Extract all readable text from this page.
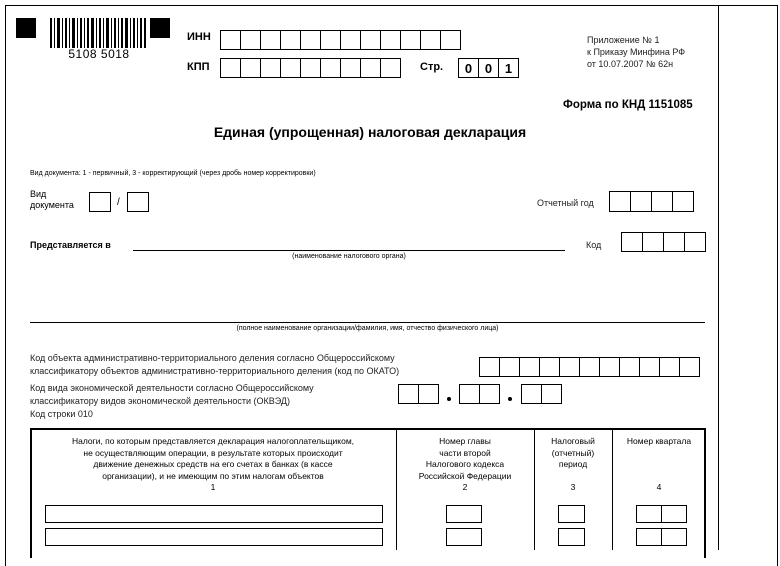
5108 5018
ИНН
КПП	Стр.	0 0 1
Приложение № 1
к Приказу Минфина РФ
от 10.07.2007 № 62н
Форма по КНД 1151085
Единая (упрощенная) налоговая декларация
Вид документа: 1 - первичный, 3 - корректирующий (через дробь номер корректировки)
Вид
документа	/	Отчетный год
Представляется в
(наименование налогового органа)
Код
(полное наименование организации/фамилия, имя, отчество физического лица)
Код объекта административно-территориального деления согласно Общероссийскому
классификатору объектов административно-территориального деления (код по ОКАТО)
Код вида экономической деятельности согласно Общероссийскому
классификатору видов экономической деятельности (ОКВЭД)
Код строки 010
Налоги, по которым представляется декларация налогоплательщиком,
не осуществляющим операции, в результате которых происходит
движение денежных средств на его счетах в банках (в кассе
организации), и не имеющим по этим налогам объектов
1
Номер главы
части второй
Налогового кодекса
Российской Федерации
2
Налоговый
(отчетный)
период
3
Номер квартала
4
